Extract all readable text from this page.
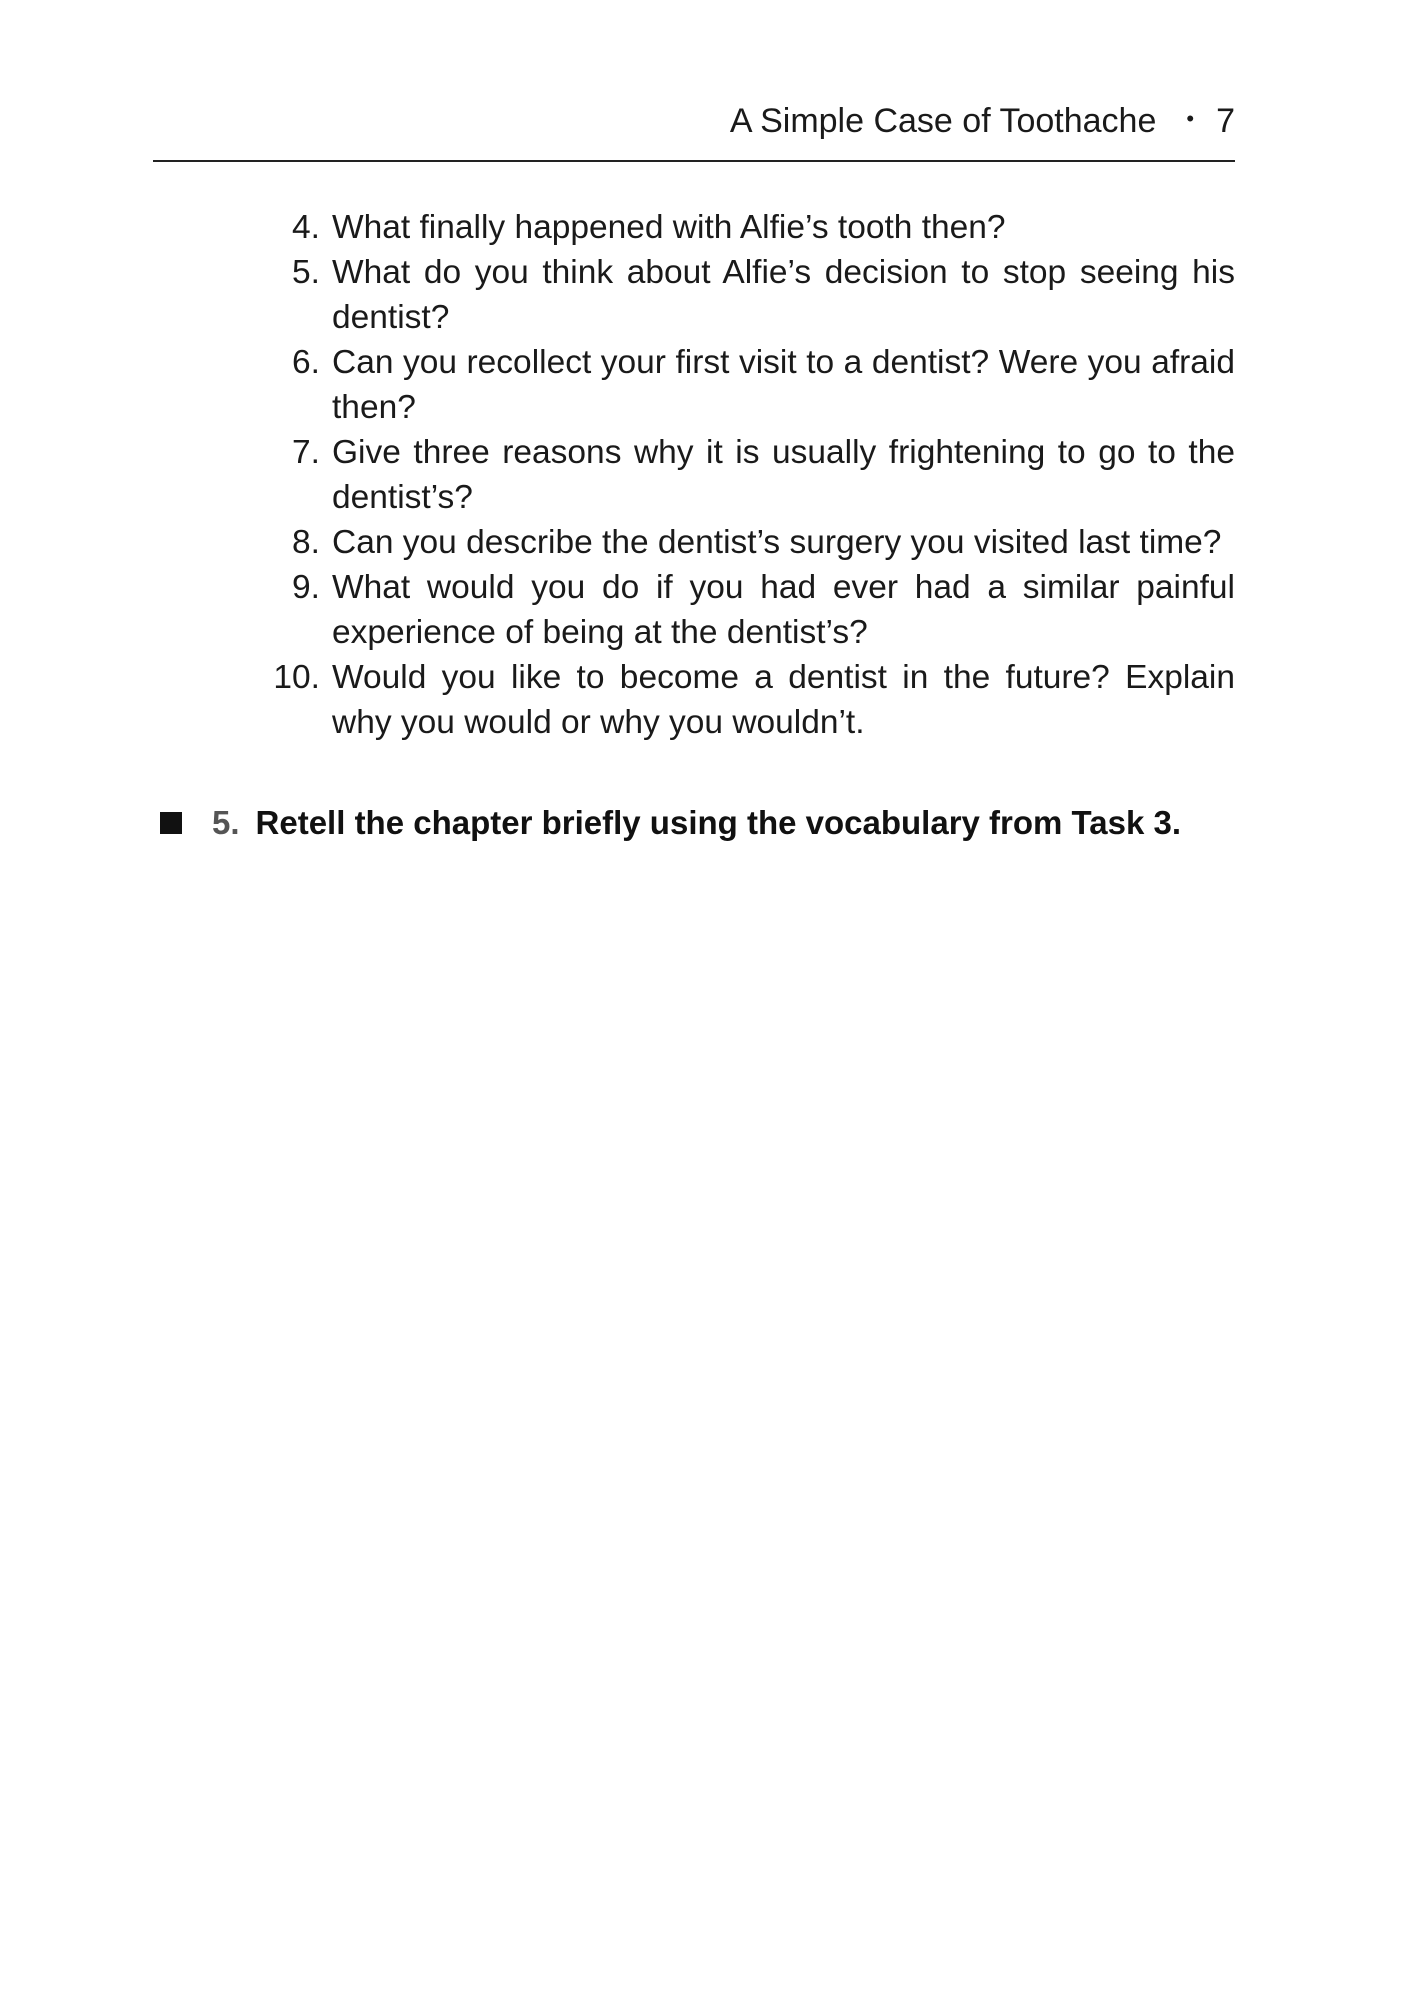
A Simple Case of Toothache • 7
4. What finally happened with Alfie’s tooth then?
5. What do you think about Alfie’s decision to stop seeing his dentist?
6. Can you recollect your first visit to a dentist? Were you afraid then?
7. Give three reasons why it is usually frightening to go to the dentist’s?
8. Can you describe the dentist’s surgery you visited last time?
9. What would you do if you had ever had a similar painful experience of being at the dentist’s?
10. Would you like to become a dentist in the future? Explain why you would or why you wouldn’t.
5. Retell the chapter briefly using the vocabulary from Task 3.
